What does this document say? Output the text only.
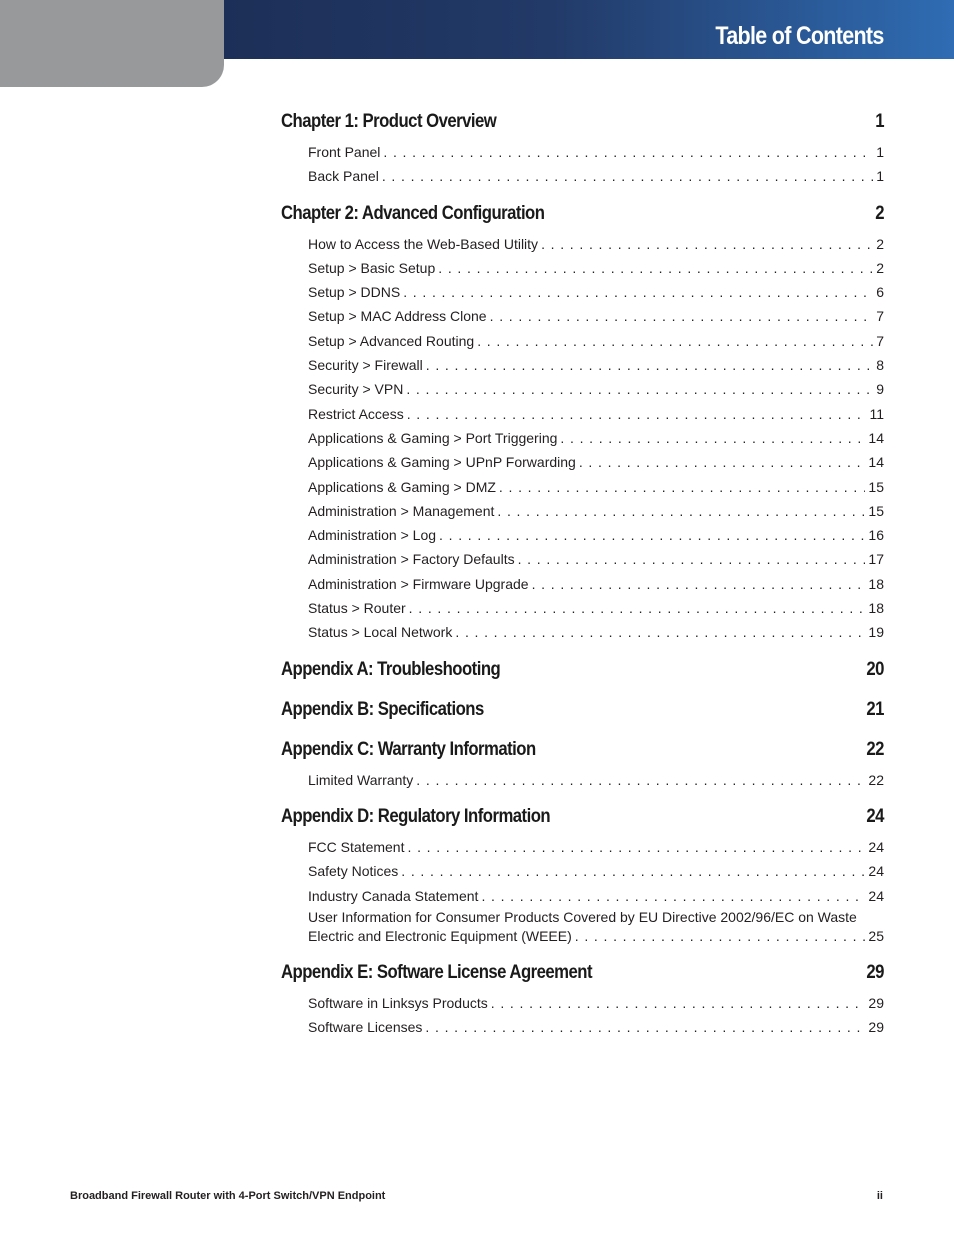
Table of Contents
Chapter 1: Product Overview	1
Front Panel . . .	1
Back Panel . . .	1
Chapter 2: Advanced Configuration	2
How to Access the Web-Based Utility . . .	2
Setup > Basic Setup . . .	2
Setup > DDNS . . .	6
Setup > MAC Address Clone . . .	7
Setup > Advanced Routing . . .	7
Security > Firewall . . .	8
Security > VPN . . .	9
Restrict Access . . .	11
Applications & Gaming > Port Triggering . . .	14
Applications & Gaming > UPnP Forwarding . . .	14
Applications & Gaming > DMZ . . .	15
Administration > Management . . .	15
Administration > Log . . .	16
Administration > Factory Defaults . . .	17
Administration > Firmware Upgrade . . .	18
Status > Router . . .	18
Status > Local Network . . .	19
Appendix A: Troubleshooting	20
Appendix B: Specifications	21
Appendix C: Warranty Information	22
Limited Warranty . . .	22
Appendix D: Regulatory Information	24
FCC Statement . . .	24
Safety Notices . . .	24
Industry Canada Statement . . .	24
User Information for Consumer Products Covered by EU Directive 2002/96/EC on Waste
Electric and Electronic Equipment (WEEE) . . .	25
Appendix E: Software License Agreement	29
Software in Linksys Products . . .	29
Software Licenses . . .	29
Broadband Firewall Router with 4-Port Switch/VPN Endpoint	ii
